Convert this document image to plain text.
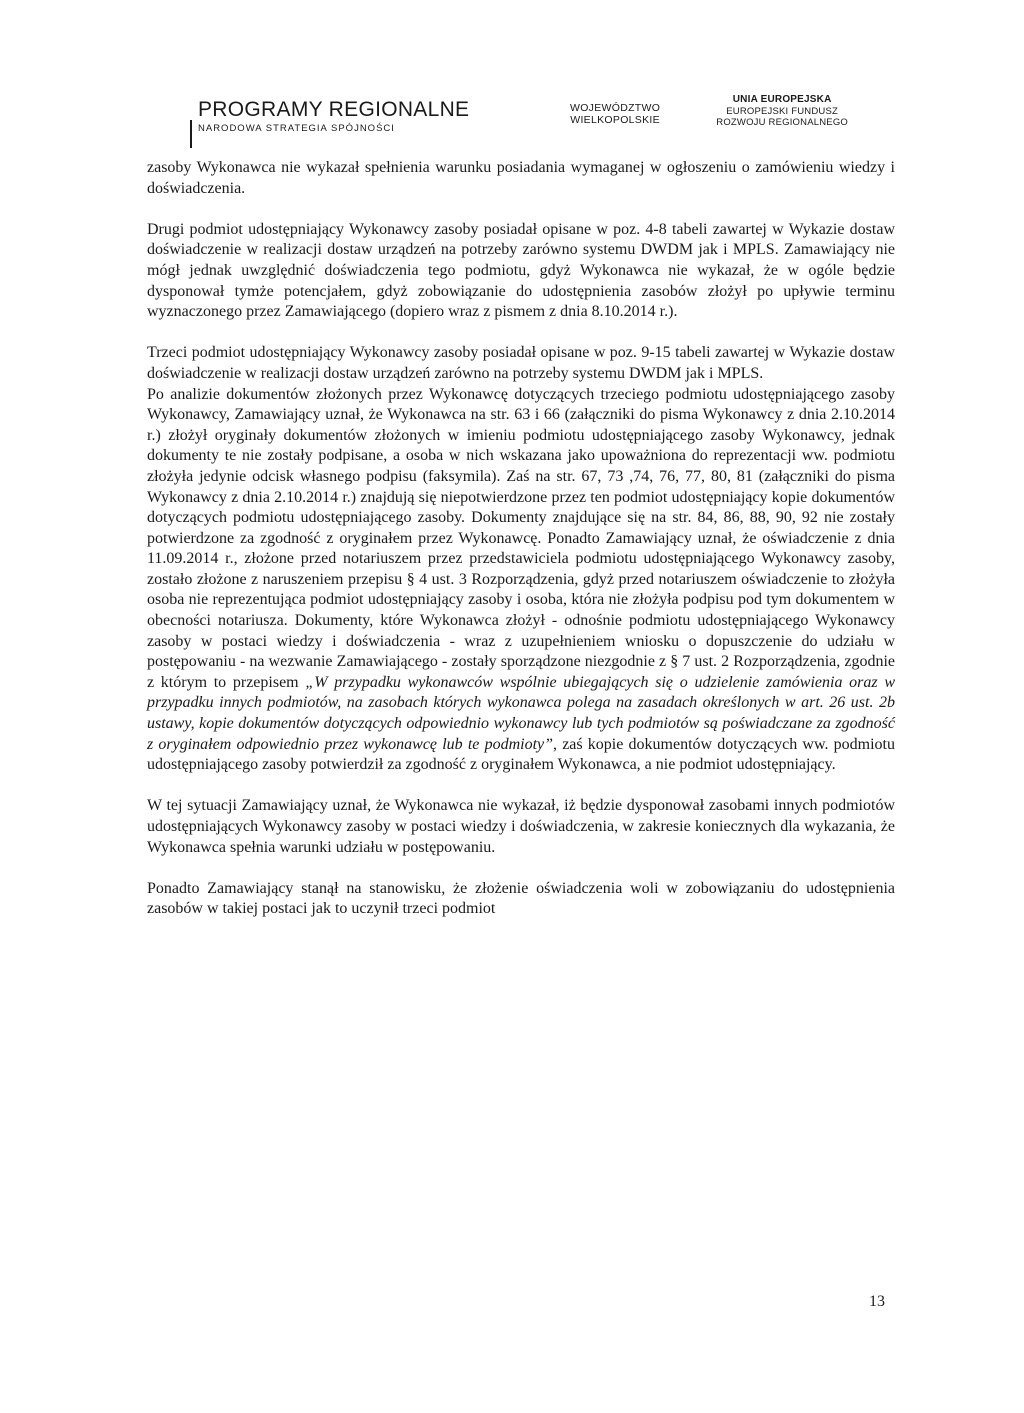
PROGRAMY REGIONALNE
NARODOWA STRATEGIA SPÓJNOŚCI
WOJEWÓDZTWO
WIELKOPOLSKIE
UNIA EUROPEJSKA
EUROPEJSKI FUNDUSZ
ROZWOJU REGIONALNEGO

zasoby Wykonawca nie wykazał spełnienia warunku posiadania wymaganej w ogłoszeniu o zamówieniu wiedzy i doświadczenia.

Drugi podmiot udostępniający Wykonawcy zasoby posiadał opisane w poz. 4-8 tabeli zawartej w Wykazie dostaw doświadczenie w realizacji dostaw urządzeń na potrzeby zarówno systemu DWDM jak i MPLS. Zamawiający nie mógł jednak uwzględnić doświadczenia tego podmiotu, gdyż Wykonawca nie wykazał, że w ogóle będzie dysponował tymże potencjałem, gdyż zobowiązanie do udostępnienia zasobów złożył po upływie terminu wyznaczonego przez Zamawiającego (dopiero wraz z pismem z dnia 8.10.2014 r.).

Trzeci podmiot udostępniający Wykonawcy zasoby posiadał opisane w poz. 9-15 tabeli zawartej w Wykazie dostaw doświadczenie w realizacji dostaw urządzeń zarówno na potrzeby systemu DWDM jak i MPLS.

Po analizie dokumentów złożonych przez Wykonawcę dotyczących trzeciego podmiotu udostępniającego zasoby Wykonawcy, Zamawiający uznał, że Wykonawca na str. 63 i 66 (załączniki do pisma Wykonawcy z dnia 2.10.2014 r.) złożył oryginały dokumentów złożonych w imieniu podmiotu udostępniającego zasoby Wykonawcy, jednak dokumenty te nie zostały podpisane, a osoba w nich wskazana jako upoważniona do reprezentacji ww. podmiotu złożyła jedynie odcisk własnego podpisu (faksymila). Zaś na str. 67, 73 ,74, 76, 77, 80, 81 (załączniki do pisma Wykonawcy z dnia 2.10.2014 r.) znajdują się niepotwierdzone przez ten podmiot udostępniający kopie dokumentów dotyczących podmiotu udostępniającego zasoby. Dokumenty znajdujące się na str. 84, 86, 88, 90, 92 nie zostały potwierdzone za zgodność z oryginałem przez Wykonawcę. Ponadto Zamawiający uznał, że oświadczenie z dnia 11.09.2014 r., złożone przed notariuszem przez przedstawiciela podmiotu udostępniającego Wykonawcy zasoby, zostało złożone z naruszeniem przepisu § 4 ust. 3 Rozporządzenia, gdyż przed notariuszem oświadczenie to złożyła osoba nie reprezentująca podmiot udostępniający zasoby i osoba, która nie złożyła podpisu pod tym dokumentem w obecności notariusza. Dokumenty, które Wykonawca złożył - odnośnie podmiotu udostępniającego Wykonawcy zasoby w postaci wiedzy i doświadczenia - wraz z uzupełnieniem wniosku o dopuszczenie do udziału w postępowaniu - na wezwanie Zamawiającego - zostały sporządzone niezgodnie z § 7 ust. 2 Rozporządzenia, zgodnie z którym to przepisem „W przypadku wykonawców wspólnie ubiegających się o udzielenie zamówienia oraz w przypadku innych podmiotów, na zasobach których wykonawca polega na zasadach określonych w art. 26 ust. 2b ustawy, kopie dokumentów dotyczących odpowiednio wykonawcy lub tych podmiotów są poświadczane za zgodność z oryginałem odpowiednio przez wykonawcę lub te podmioty”, zaś kopie dokumentów dotyczących ww. podmiotu udostępniającego zasoby potwierdził za zgodność z oryginałem Wykonawca, a nie podmiot udostępniający.

W tej sytuacji Zamawiający uznał, że Wykonawca nie wykazał, iż będzie dysponował zasobami innych podmiotów udostępniających Wykonawcy zasoby w postaci wiedzy i doświadczenia, w zakresie koniecznych dla wykazania, że Wykonawca spełnia warunki udziału w postępowaniu.

Ponadto Zamawiający stanął na stanowisku, że złożenie oświadczenia woli w zobowiązaniu do udostępnienia zasobów w takiej postaci jak to uczynił trzeci podmiot

13
